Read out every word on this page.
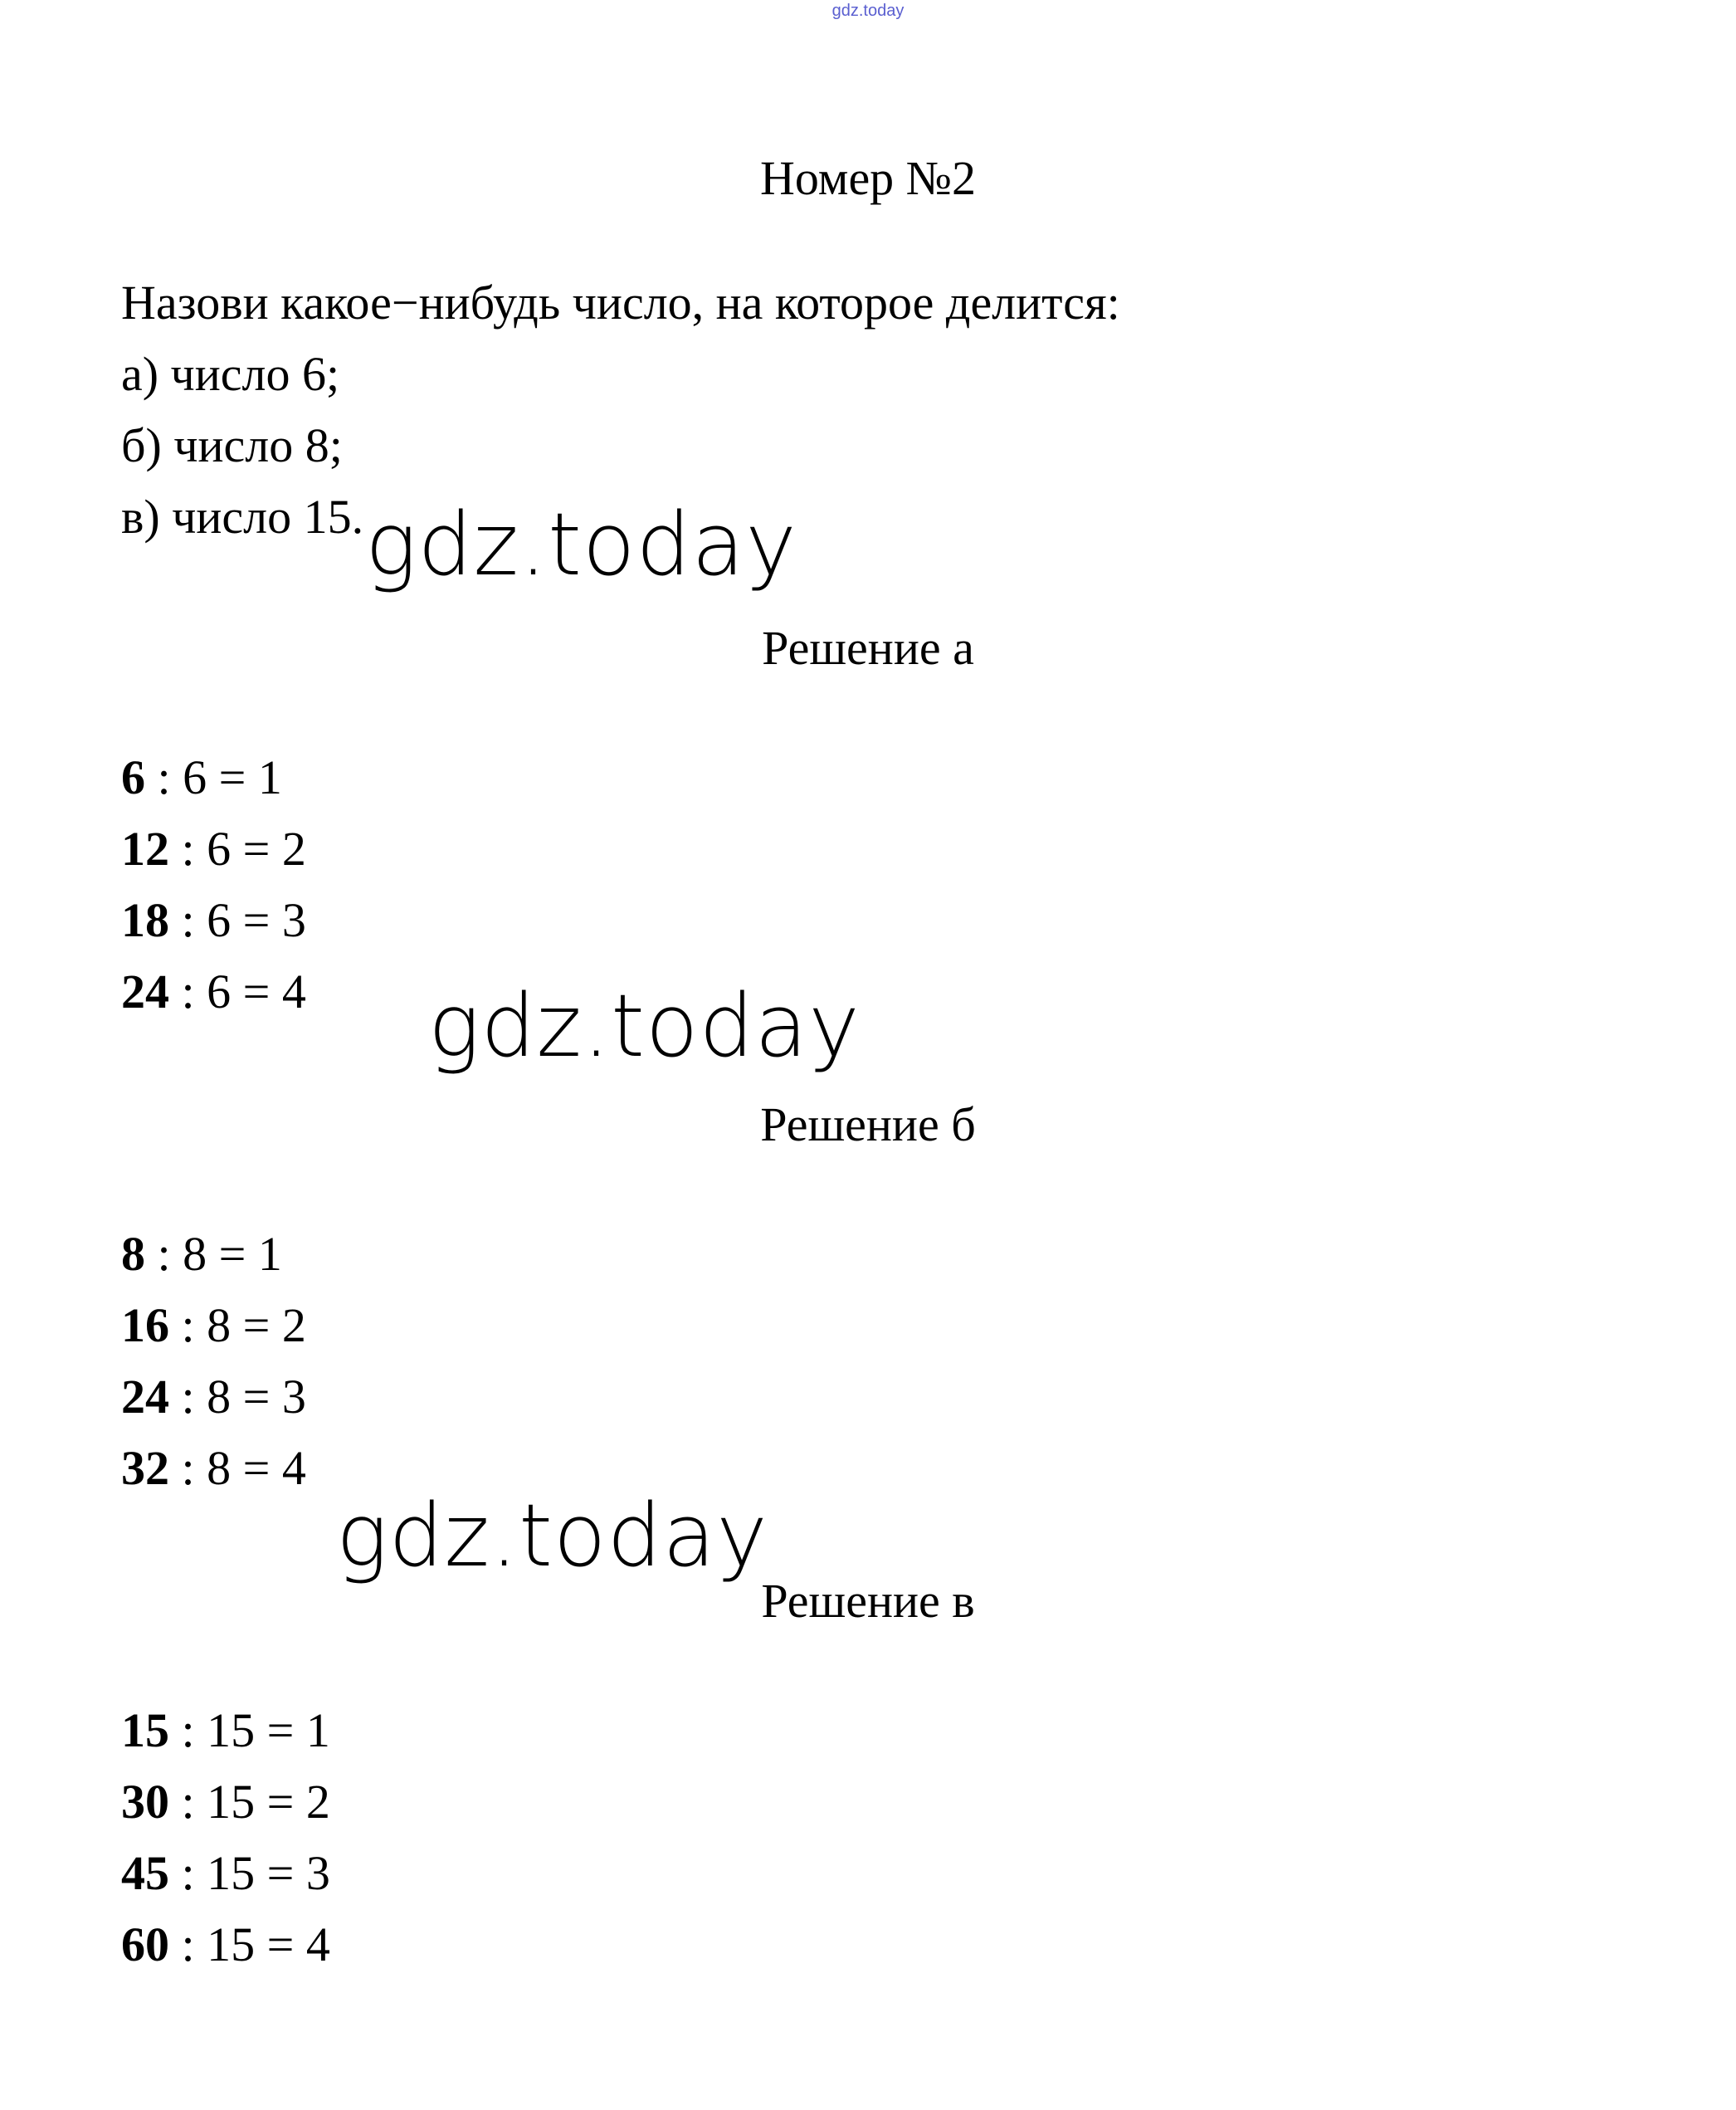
gdz.today
Номер №2
Назови какое−нибудь число, на которое делится:
а) число 6;
б) число 8;
в) число 15. gdz.today
Решение а
6 : 6 = 1
12 : 6 = 2
18 : 6 = 3
24 : 6 = 4 gdz.today
Решение б
8 : 8 = 1
16 : 8 = 2
24 : 8 = 3
32 : 8 = 4
gdz.today
Решение в
15 : 15 = 1
30 : 15 = 2
45 : 15 = 3
60 : 15 = 4
